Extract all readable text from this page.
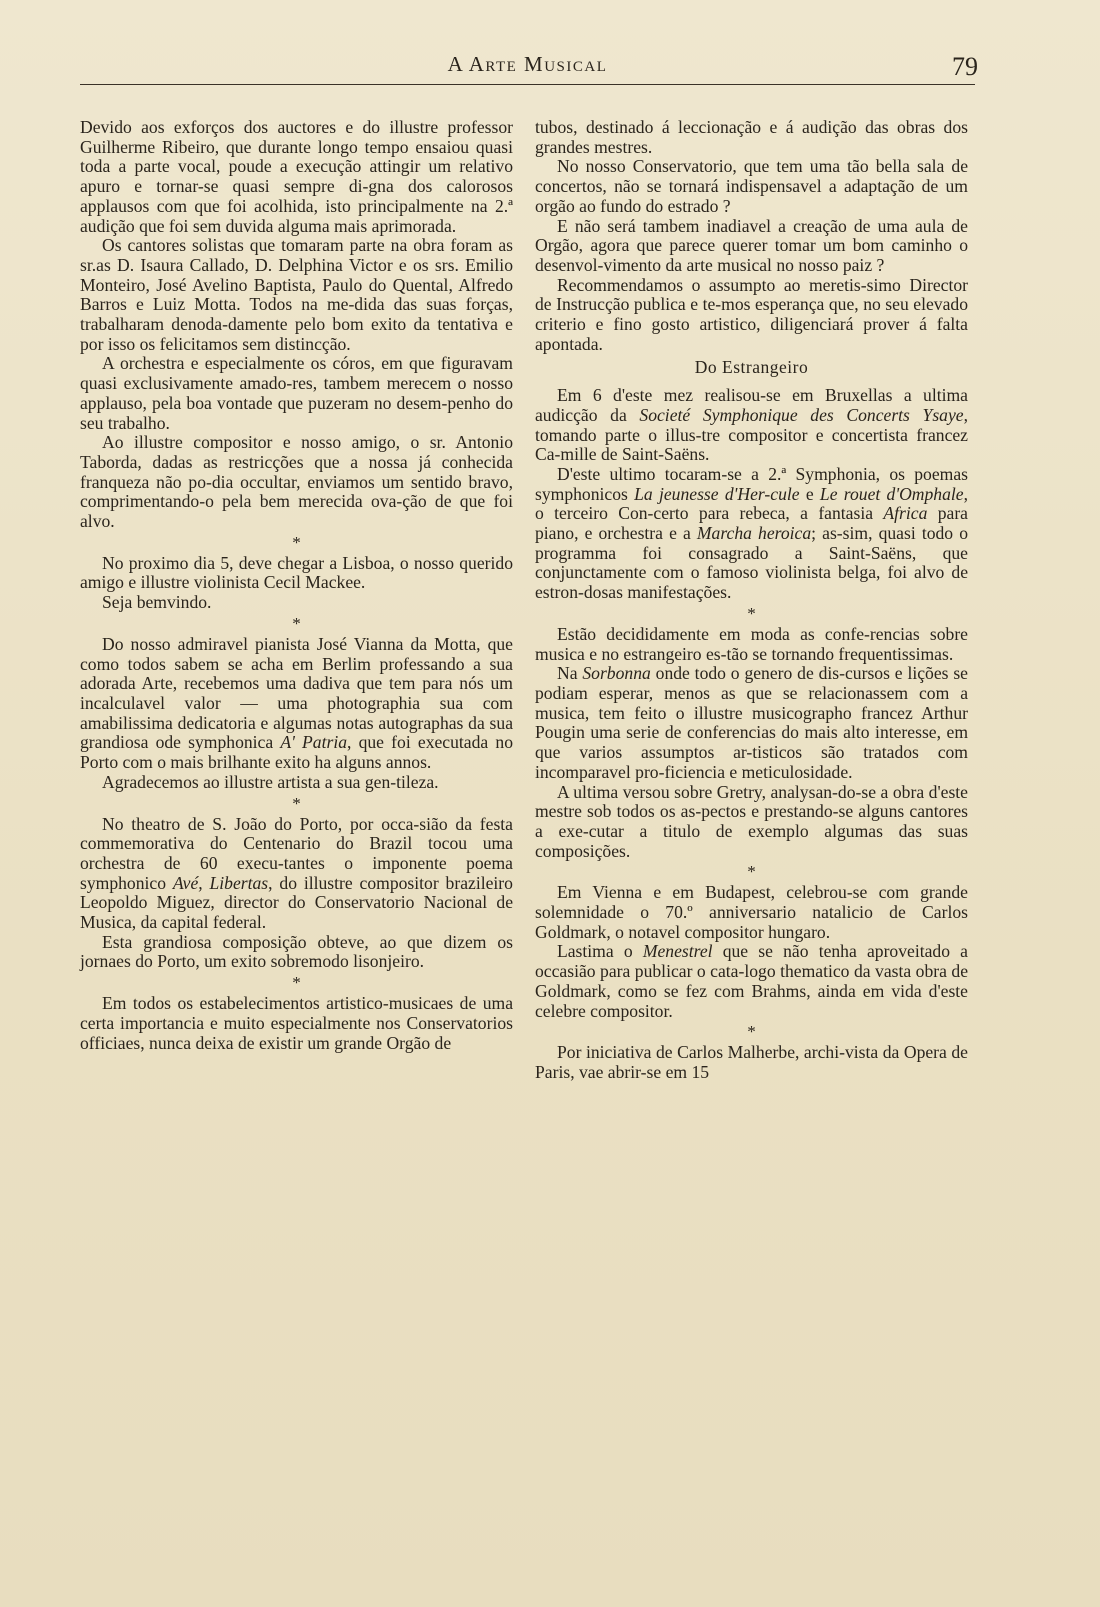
A Arte Musical	79

Devido aos exforços dos auctores e do illustre professor Guilherme Ribeiro, que durante longo tempo ensaiou quasi toda a parte vocal, poude a execução attingir um relativo apuro e tornar-se quasi sempre di-gna dos calorosos applausos com que foi acolhida, isto principalmente na 2.ª audição que foi sem duvida alguma mais aprimorada.

Os cantores solistas que tomaram parte na obra foram as sr.as D. Isaura Callado, D. Delphina Victor e os srs. Emilio Monteiro, José Avelino Baptista, Paulo do Quental, Alfredo Barros e Luiz Motta. Todos na me-dida das suas forças, trabalharam denoda-damente pelo bom exito da tentativa e por isso os felicitamos sem distincção.

A orchestra e especialmente os córos, em que figuravam quasi exclusivamente amado-res, tambem merecem o nosso applauso, pela boa vontade que puzeram no desem-penho do seu trabalho.

Ao illustre compositor e nosso amigo, o sr. Antonio Taborda, dadas as restricções que a nossa já conhecida franqueza não po-dia occultar, enviamos um sentido bravo, comprimentando-o pela bem merecida ova-ção de que foi alvo.

*

No proximo dia 5, deve chegar a Lisboa, o nosso querido amigo e illustre violinista Cecil Mackee.

Seja bemvindo.

*

Do nosso admiravel pianista José Vianna da Motta, que como todos sabem se acha em Berlim professando a sua adorada Arte, recebemos uma dadiva que tem para nós um incalculavel valor — uma photographia sua com amabilissima dedicatoria e algumas notas autographas da sua grandiosa ode symphonica A' Patria, que foi executada no Porto com o mais brilhante exito ha alguns annos.

Agradecemos ao illustre artista a sua gen-tileza.

*

No theatro de S. João do Porto, por occa-sião da festa commemorativa do Centenario do Brazil tocou uma orchestra de 60 execu-tantes o imponente poema symphonico Avé, Libertas, do illustre compositor brazileiro Leopoldo Miguez, director do Conservatorio Nacional de Musica, da capital federal.

Esta grandiosa composição obteve, ao que dizem os jornaes do Porto, um exito sobremodo lisonjeiro.

*

Em todos os estabelecimentos artistico-musicaes de uma certa importancia e muito especialmente nos Conservatorios officiaes, nunca deixa de existir um grande Orgão de

tubos, destinado á leccionação e á audição das obras dos grandes mestres.

No nosso Conservatorio, que tem uma tão bella sala de concertos, não se tornará indispensavel a adaptação de um orgão ao fundo do estrado ?

E não será tambem inadiavel a creação de uma aula de Orgão, agora que parece querer tomar um bom caminho o desenvol-vimento da arte musical no nosso paiz ?

Recommendamos o assumpto ao meretis-simo Director de Instrucção publica e te-mos esperança que, no seu elevado criterio e fino gosto artistico, diligenciará prover á falta apontada.

Do Estrangeiro

Em 6 d'este mez realisou-se em Bruxellas a ultima audicção da Societé Symphonique des Concerts Ysaye, tomando parte o illus-tre compositor e concertista francez Ca-mille de Saint-Saëns.

D'este ultimo tocaram-se a 2.ª Symphonia, os poemas symphonicos La jeunesse d'Her-cule e Le rouet d'Omphale, o terceiro Con-certo para rebeca, a fantasia Africa para piano, e orchestra e a Marcha heroica; as-sim, quasi todo o programma foi consagrado a Saint-Saëns, que conjunctamente com o famoso violinista belga, foi alvo de estron-dosas manifestações.

*

Estão decididamente em moda as confe-rencias sobre musica e no estrangeiro es-tão se tornando frequentissimas.

Na Sorbonna onde todo o genero de dis-cursos e lições se podiam esperar, menos as que se relacionassem com a musica, tem feito o illustre musicographo francez Arthur Pougin uma serie de conferencias do mais alto interesse, em que varios assumptos ar-tisticos são tratados com incomparavel pro-ficiencia e meticulosidade.

A ultima versou sobre Gretry, analysan-do-se a obra d'este mestre sob todos os as-pectos e prestando-se alguns cantores a exe-cutar a titulo de exemplo algumas das suas composições.

*

Em Vienna e em Budapest, celebrou-se com grande solemnidade o 70.º anniversario natalicio de Carlos Goldmark, o notavel compositor hungaro.

Lastima o Menestrel que se não tenha aproveitado a occasião para publicar o cata-logo thematico da vasta obra de Goldmark, como se fez com Brahms, ainda em vida d'este celebre compositor.

*

Por iniciativa de Carlos Malherbe, archi-vista da Opera de Paris, vae abrir-se em 15
